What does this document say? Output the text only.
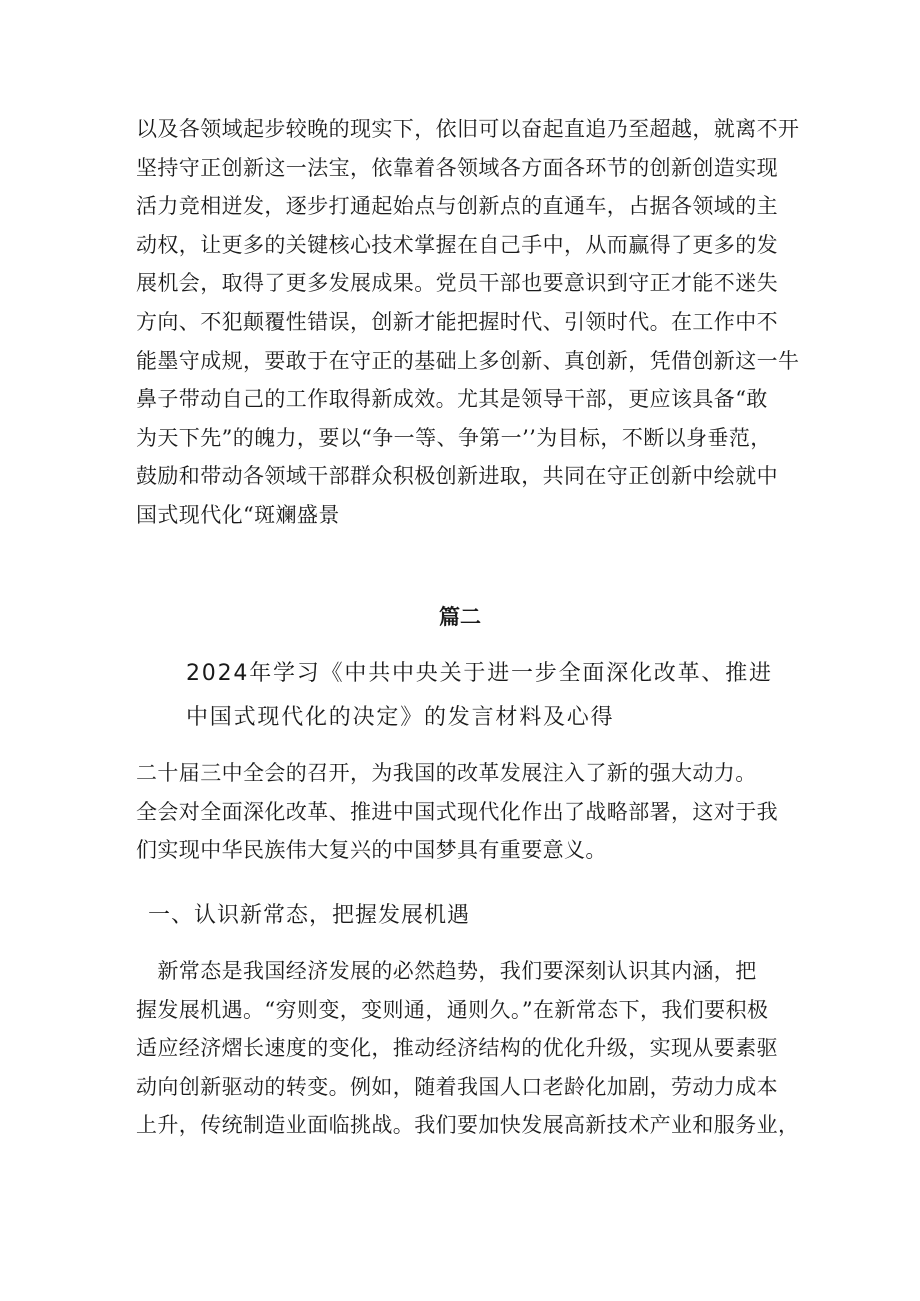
以及各领域起步较晚的现实下，依旧可以奋起直追乃至超越，就离不开
坚持守正创新这一法宝，依靠着各领域各方面各环节的创新创造实现
活力竞相迸发，逐步打通起始点与创新点的直通车，占据各领域的主
动权，让更多的关键核心技术掌握在自己手中，从而赢得了更多的发
展机会，取得了更多发展成果。党员干部也要意识到守正才能不迷失
方向、不犯颠覆性错误，创新才能把握时代、引领时代。在工作中不
能墨守成规，要敢于在守正的基础上多创新、真创新，凭借创新这一牛
鼻子带动自己的工作取得新成效。尤其是领导干部，更应该具备“敢
为天下先”的魄力，要以“争一等、争第一’’为目标，不断以身垂范，
鼓励和带动各领域干部群众积极创新进取，共同在守正创新中绘就中
国式现代化“斑斓盛景
篇二
2024年学习《中共中央关于进一步全面深化改革、推进
中国式现代化的决定》的发言材料及心得
二十届三中全会的召开，为我国的改革发展注入了新的强大动力。
全会对全面深化改革、推进中国式现代化作出了战略部署，这对于我
们实现中华民族伟大复兴的中国梦具有重要意义。
一、认识新常态，把握发展机遇
　新常态是我国经济发展的必然趋势，我们要深刻认识其内涵，把
握发展机遇。“穷则变，变则通，通则久。”在新常态下，我们要积极
适应经济熠长速度的变化，推动经济结构的优化升级，实现从要素驱
动向创新驱动的转变。例如，随着我国人口老龄化加剧，劳动力成本
上升，传统制造业面临挑战。我们要加快发展高新技术产业和服务业，
